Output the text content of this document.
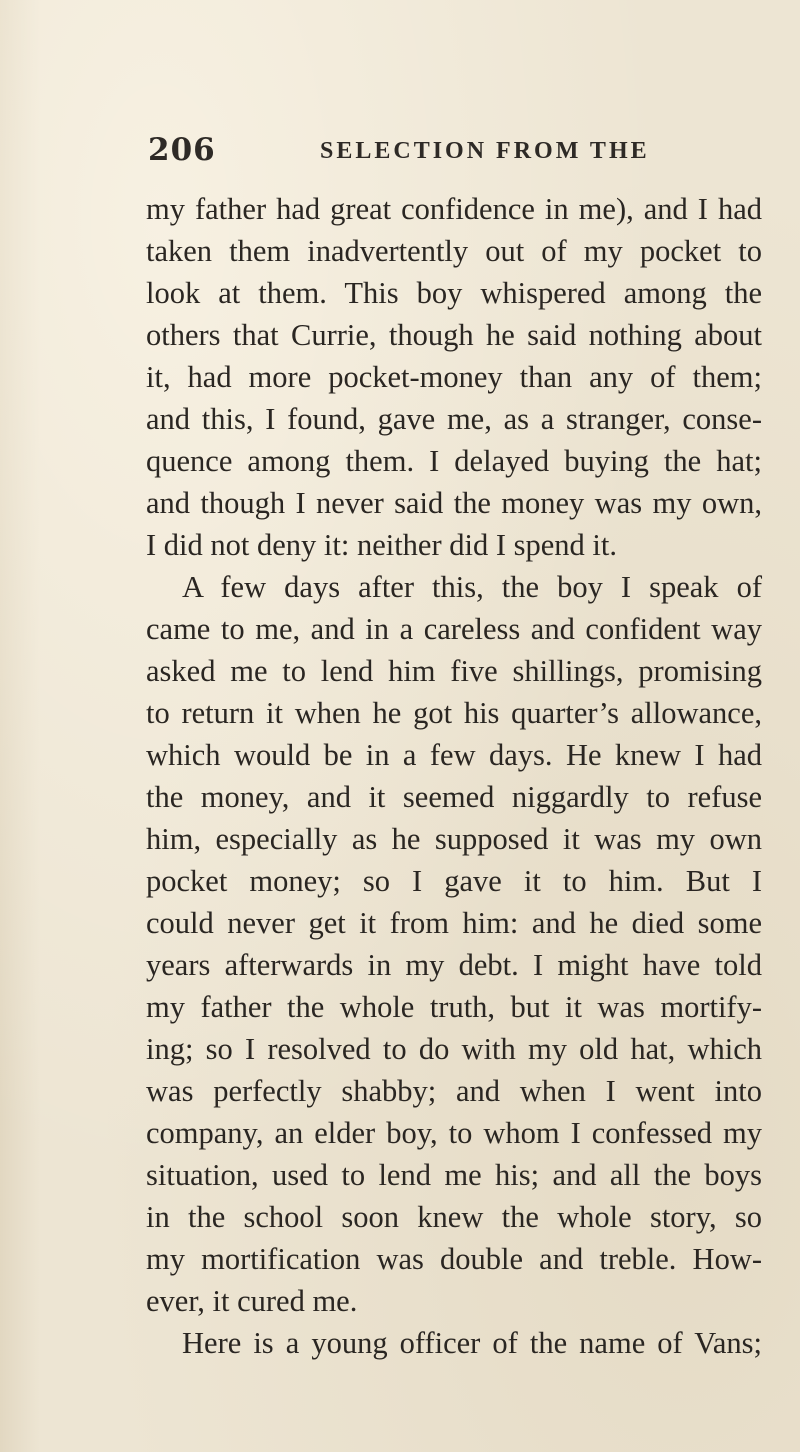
206	SELECTION FROM THE
my father had great confidence in me), and I had
taken them inadvertently out of my pocket to
look at them. This boy whispered among the
others that Currie, though he said nothing about
it, had more pocket-money than any of them;
and this, I found, gave me, as a stranger, conse-
quence among them. I delayed buying the hat;
and though I never said the money was my own,
I did not deny it: neither did I spend it.
A few days after this, the boy I speak of
came to me, and in a careless and confident way
asked me to lend him five shillings, promising
to return it when he got his quarter’s allowance,
which would be in a few days. He knew I had
the money, and it seemed niggardly to refuse
him, especially as he supposed it was my own
pocket money; so I gave it to him. But I
could never get it from him: and he died some
years afterwards in my debt. I might have told
my father the whole truth, but it was mortify-
ing; so I resolved to do with my old hat, which
was perfectly shabby; and when I went into
company, an elder boy, to whom I confessed my
situation, used to lend me his; and all the boys
in the school soon knew the whole story, so
my mortification was double and treble. How-
ever, it cured me.
Here is a young officer of the name of Vans;
